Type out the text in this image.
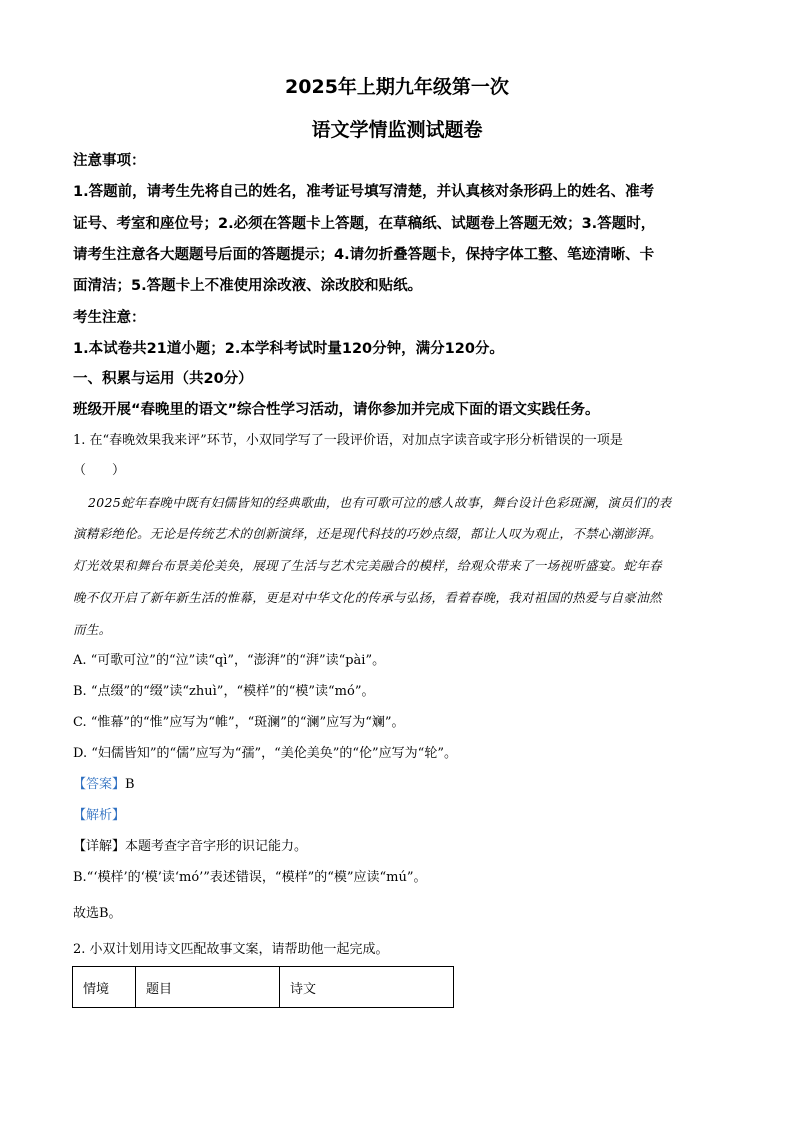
2025年上期九年级第一次
语文学情监测试题卷
注意事项：
1.答题前，请考生先将自己的姓名，准考证号填写清楚，并认真核对条形码上的姓名、准考
证号、考室和座位号；2.必须在答题卡上答题，在草稿纸、试题卷上答题无效；3.答题时，
请考生注意各大题题号后面的答题提示；4.请勿折叠答题卡，保持字体工整、笔迹清晰、卡
面清洁；5.答题卡上不准使用涂改液、涂改胶和贴纸。
考生注意：
1.本试卷共21道小题；2.本学科考试时量120分钟，满分120分。
一、积累与运用（共20分）
班级开展“春晚里的语文”综合性学习活动，请你参加并完成下面的语文实践任务。
1. 在“春晚效果我来评”环节，小双同学写了一段评价语，对加点字读音或字形分析错误的一项是
（　　）
2025蛇年春晚中既有妇儒皆知的经典歌曲，也有可歌可泣的感人故事，舞台设计色彩斑澜，演员们的表
演精彩绝伦。无论是传统艺术的创新演绎，还是现代科技的巧妙点缀，都让人叹为观止，不禁心潮澎湃。
灯光效果和舞台布景美伦美奂，展现了生活与艺术完美融合的模样，给观众带来了一场视听盛宴。蛇年春
晚不仅开启了新年新生活的惟幕，更是对中华文化的传承与弘扬，看着春晚，我对祖国的热爱与自豪油然
而生。
A. “可歌可泣”的“泣”读“qì”，“澎湃”的“湃”读“pài”。
B. “点缀”的“缀”读“zhuì”，“模样”的“模”读“mó”。
C. “惟幕”的“惟”应写为“帷”，“斑澜”的“澜”应写为“斓”。
D. “妇儒皆知”的“儒”应写为“孺”，“美伦美奂”的“伦”应写为“轮”。
【答案】B
【解析】
【详解】本题考查字音字形的识记能力。
B.“‘模样’的‘模’读‘mó’”表述错误，“模样”的“模”应读“mú”。
故选B。
2. 小双计划用诗文匹配故事文案，请帮助他一起完成。
情境	题目	诗文
